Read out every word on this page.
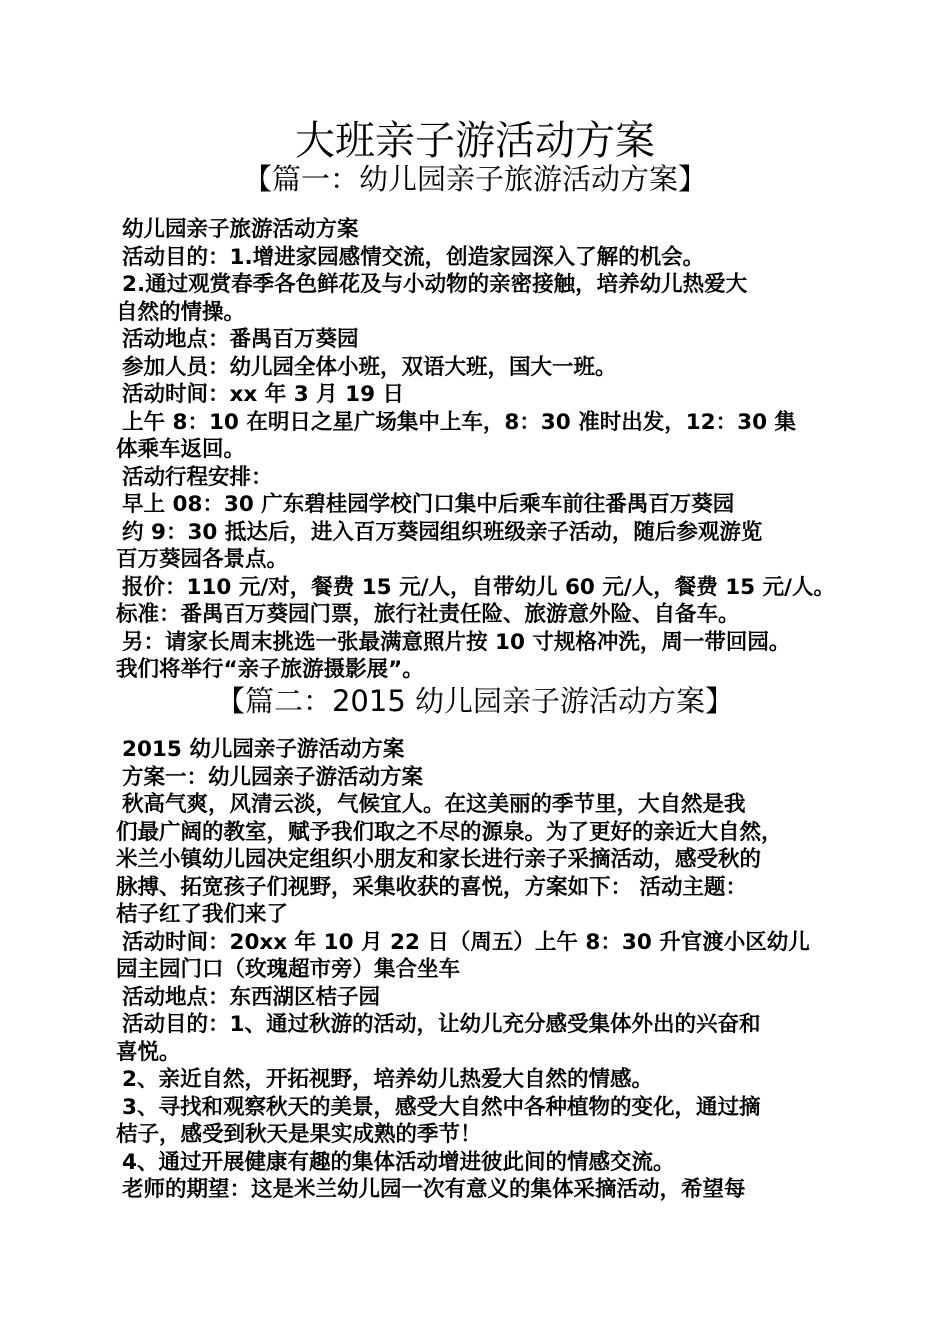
大班亲子游活动方案
【篇一：幼儿园亲子旅游活动方案】
幼儿园亲子旅游活动方案
活动目的：1.增进家园感情交流，创造家园深入了解的机会。
2.通过观赏春季各色鲜花及与小动物的亲密接触，培养幼儿热爱大
自然的情操。
活动地点：番禺百万葵园
参加人员：幼儿园全体小班，双语大班，国大一班。
活动时间：xx 年 3 月 19 日
上午 8：10 在明日之星广场集中上车，8：30 准时出发，12：30 集
体乘车返回。
活动行程安排：
早上 08：30 广东碧桂园学校门口集中后乘车前往番禺百万葵园
约 9：30 抵达后，进入百万葵园组织班级亲子活动，随后参观游览
百万葵园各景点。
报价：110 元/对，餐费 15 元/人，自带幼儿 60 元/人，餐费 15 元/人。
标准：番禺百万葵园门票，旅行社责任险、旅游意外险、自备车。
另：请家长周末挑选一张最满意照片按 10 寸规格冲洗，周一带回园。
我们将举行“亲子旅游摄影展”。
【篇二：2015 幼儿园亲子游活动方案】
2015 幼儿园亲子游活动方案
方案一：幼儿园亲子游活动方案
秋高气爽，风清云淡，气候宜人。在这美丽的季节里，大自然是我
们最广阔的教室，赋予我们取之不尽的源泉。为了更好的亲近大自然，
米兰小镇幼儿园决定组织小朋友和家长进行亲子采摘活动，感受秋的
脉搏、拓宽孩子们视野，采集收获的喜悦，方案如下： 活动主题：
桔子红了我们来了
活动时间：20xx 年 10 月 22 日（周五）上午 8：30 升官渡小区幼儿
园主园门口（玫瑰超市旁）集合坐车
活动地点：东西湖区桔子园
活动目的：1、通过秋游的活动，让幼儿充分感受集体外出的兴奋和
喜悦。
2、亲近自然，开拓视野，培养幼儿热爱大自然的情感。
3、寻找和观察秋天的美景，感受大自然中各种植物的变化，通过摘
桔子，感受到秋天是果实成熟的季节！
4、通过开展健康有趣的集体活动增进彼此间的情感交流。
老师的期望：这是米兰幼儿园一次有意义的集体采摘活动，希望每
